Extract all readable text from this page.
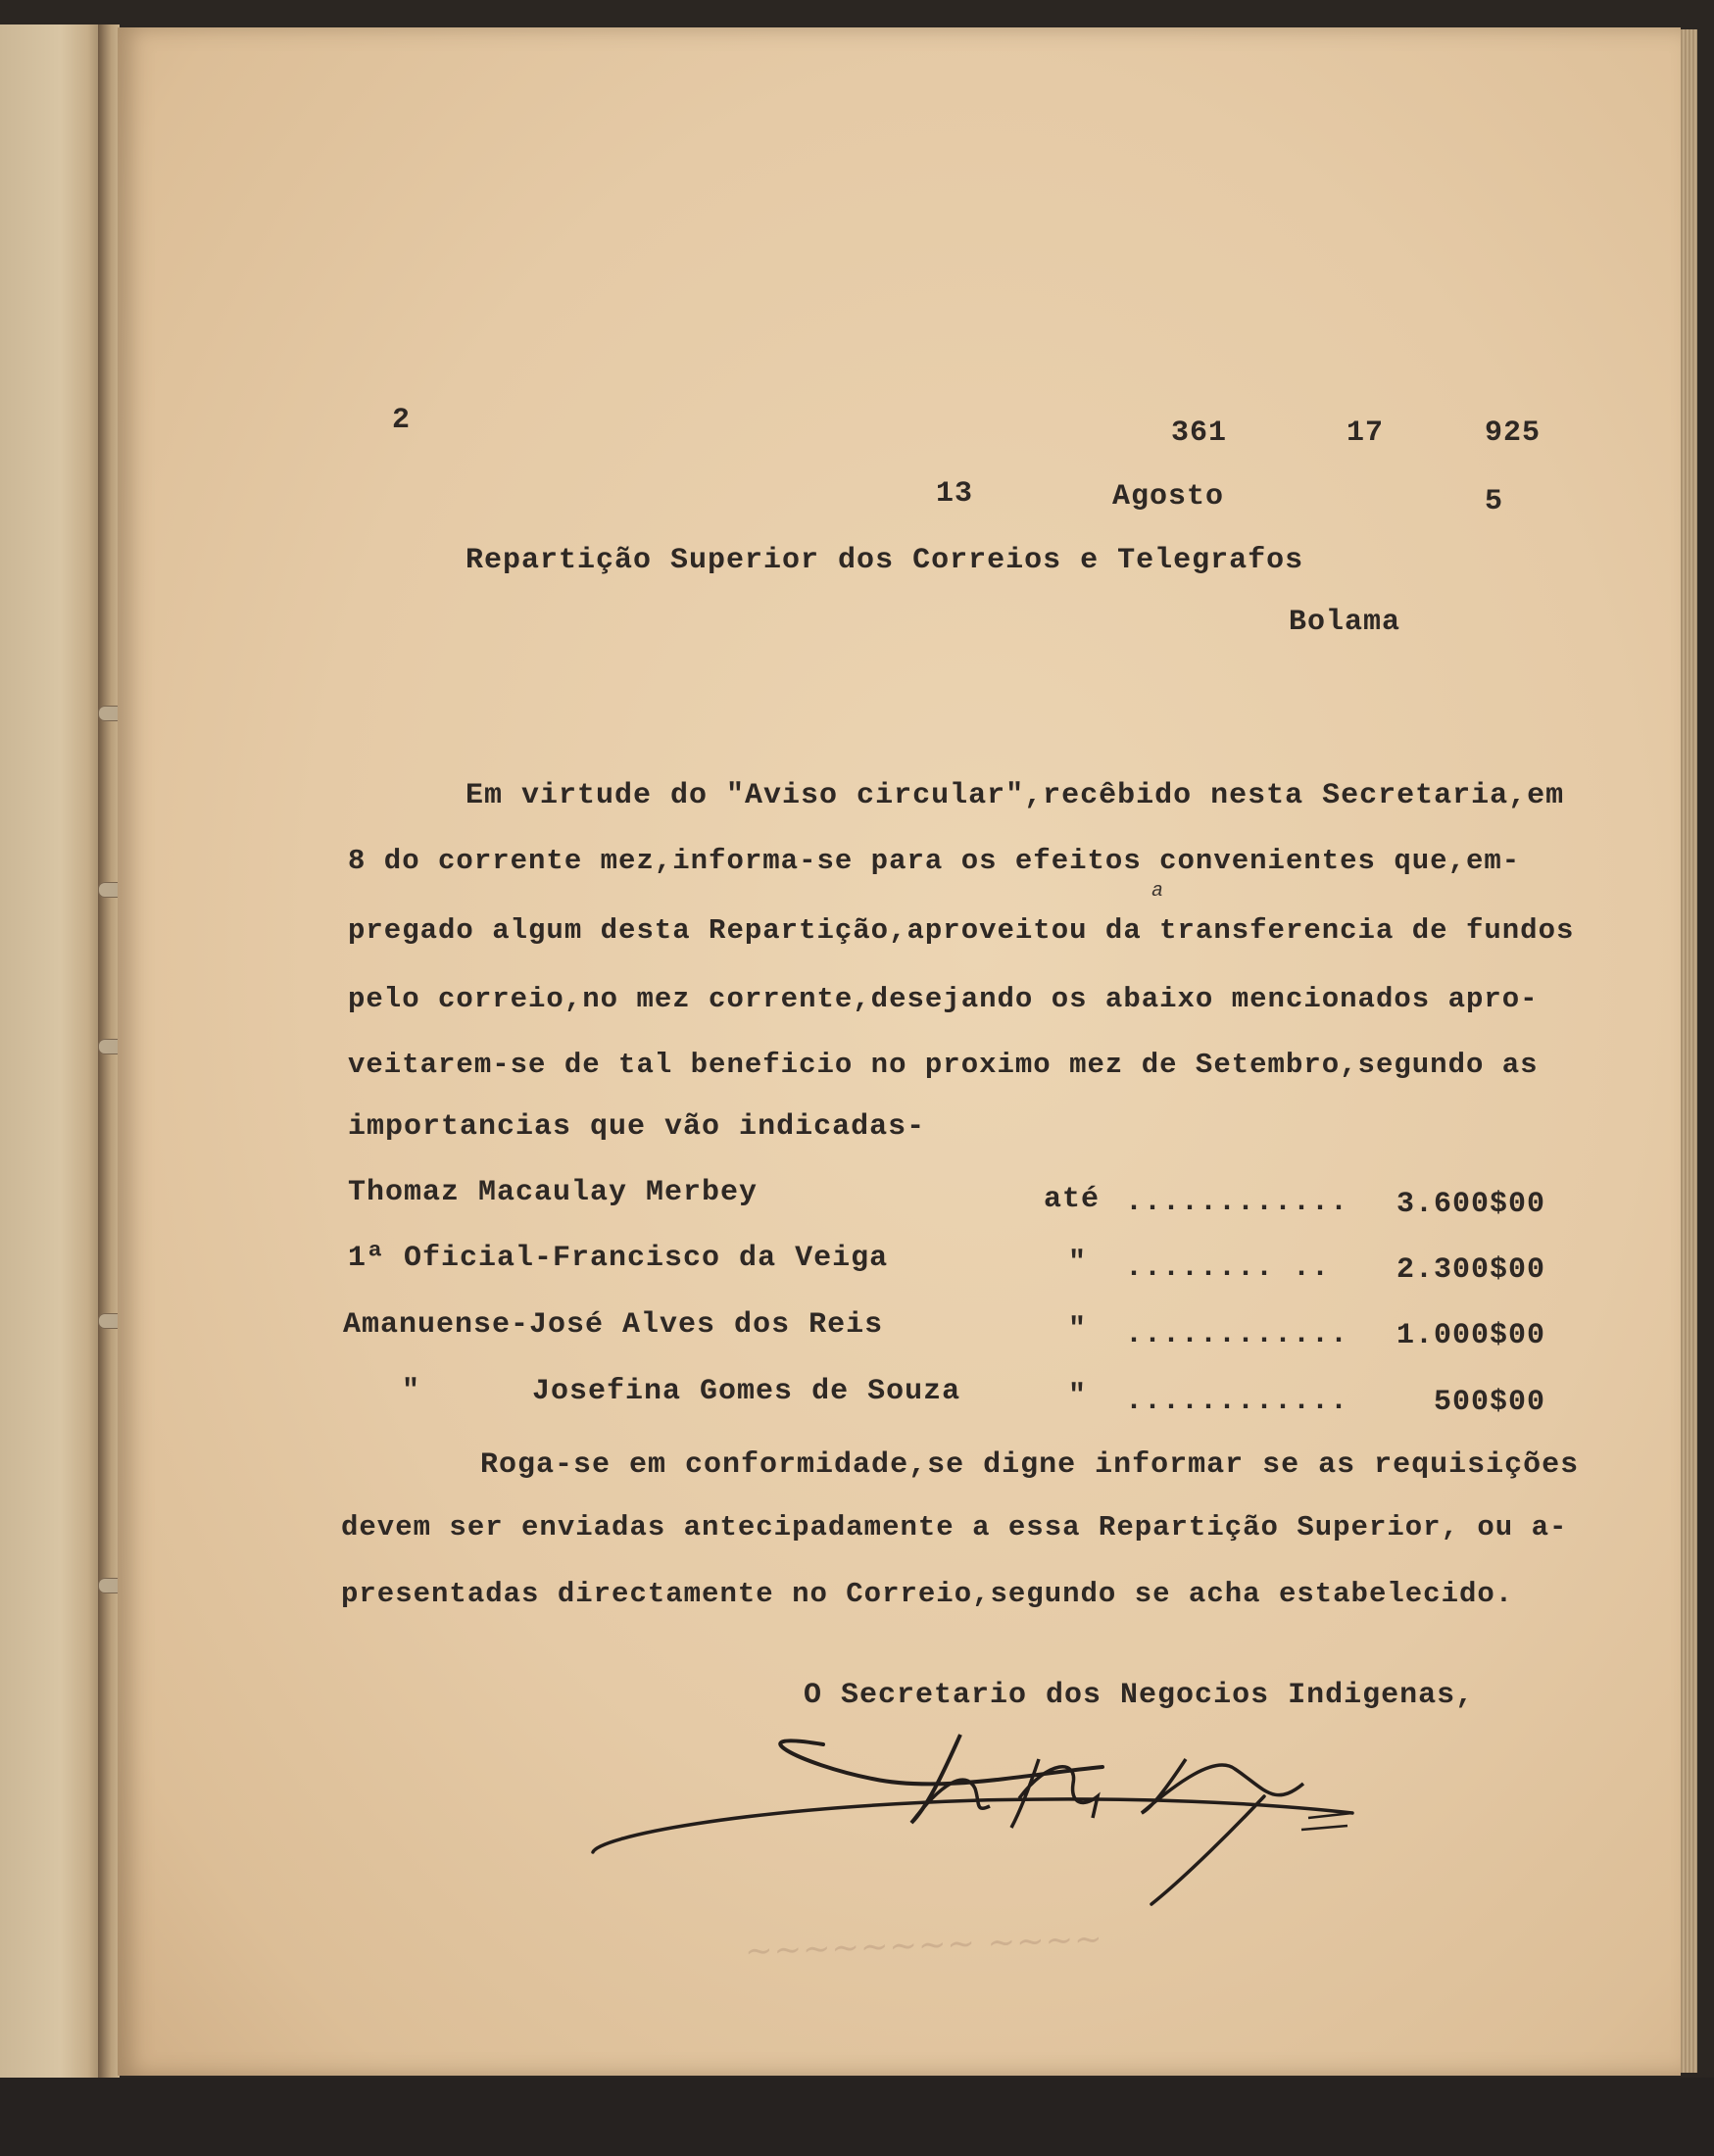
2	361	17	925
13	Agosto	5
Repartição Superior dos Correios e Telegrafos
Bolama
Em virtude do "Aviso circular",recêbido nesta Secretaria,em
8 do corrente mez,informa-se para os efeitos convenientes que,em-
pregado algum desta Repartição,aproveitou da transferencia de fundos
a
pelo correio,no mez corrente,desejando os abaixo mencionados apro-
veitarem-se de tal beneficio no proximo mez de Setembro,segundo as
importancias que vão indicadas-
Thomaz Macaulay Merbey	até ............ 3.600$00
1ª Oficial-Francisco da Veiga	" ........ .. 2.300$00
Amanuense-José Alves dos Reis	" ............ 1.000$00
"      Josefina Gomes de Souza	" ............	500$00
Roga-se em conformidade,se digne informar se as requisições
devem ser enviadas antecipadamente a essa Repartição Superior, ou a-
presentadas directamente no Correio,segundo se acha estabelecido.
O Secretario dos Negocios Indigenas,
~~~~~~~~ ~~~~
